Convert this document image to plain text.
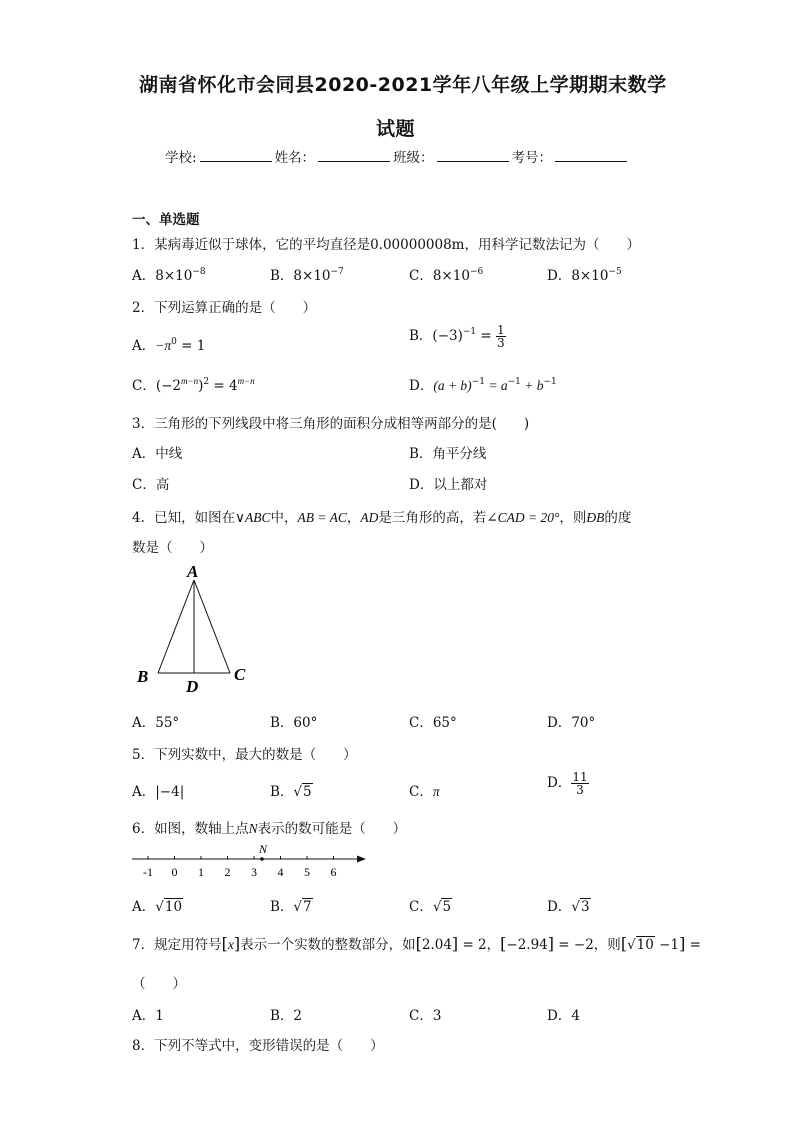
湖南省怀化市会同县2020-2021学年八年级上学期期末数学
试题
学校:	姓名：	班级：	考号：
一、单选题
1．某病毒近似于球体，它的平均直径是0.00000008m，用科学记数法记为（　　）
A．$8\times 10^{-8}$	B．$8\times 10^{-7}$	C．$8\times 10^{-6}$	D．$8\times 10^{-5}$
2．下列运算正确的是（　　）
A．$-\pi^0 = 1$
B．$(-3)^{-1} = \frac{1}{3}$
C．$(-2^{m-n})^2 = 4^{m-n}$	D．$(a + b)^{-1} = a^{-1} + b^{-1}$
3．三角形的下列线段中将三角形的面积分成相等两部分的是(　　)
A．中线	B．角平分线
C．高	D．以上都对
4．已知，如图在∨ABC中，AB = AC，AD是三角形的高，若∠CAD = 20°，则ÐB的度
数是（　　）
A
B	C
D
A．55°	B．60°	C．65°	D．70°
5．下列实数中，最大的数是（　　）
A．|−4|	B．√5	C．π
D． $\frac{11}{3}$
6．如图，数轴上点N表示的数可能是（　　）
-1 0 1 2 3 4 5 6
N
A．√10	B．√7	C．√5	D．√3
7．规定用符号[x]表示一个实数的整数部分，如[2.04] = 2，[−2.94] = −2，则[√10 −1] =
（　　）
A．1	B．2	C．3	D．4
8．下列不等式中，变形错误的是（　　）
